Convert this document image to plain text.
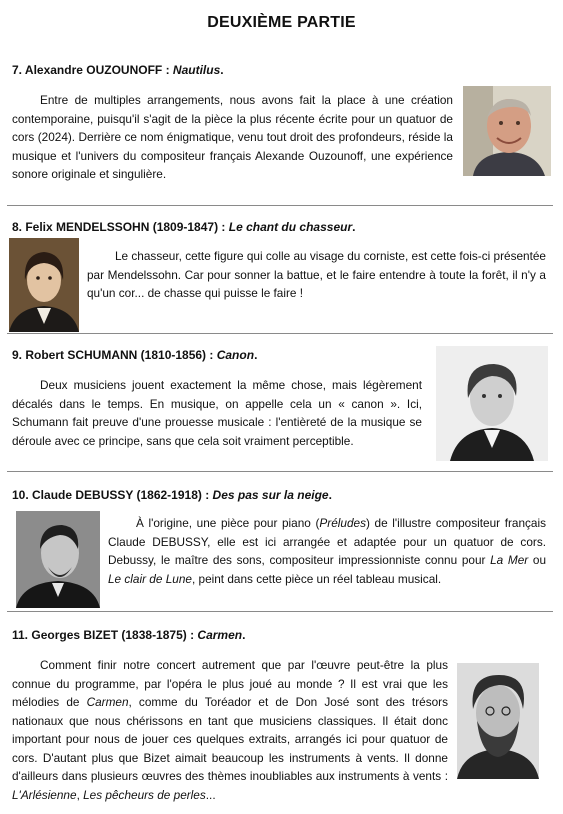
DEUXIÈME PARTIE
7. Alexandre OUZOUNOFF : Nautilus.

Entre de multiples arrangements, nous avons fait la place à une création contemporaine, puisqu'il s'agit de la pièce la plus récente écrite pour un quatuor de cors (2024). Derrière ce nom énigmatique, venu tout droit des profondeurs, réside la musique et l'univers du compositeur français Alexande Ouzounoff, une expérience sonore originale et singulière.

8. Felix MENDELSSOHN (1809-1847) : Le chant du chasseur.

Le chasseur, cette figure qui colle au visage du corniste, est cette fois-ci présentée par Mendelssohn. Car pour sonner la battue, et le faire entendre à toute la forêt, il n'y a qu'un cor... de chasse qui puisse le faire !

9. Robert SCHUMANN (1810-1856) : Canon.

Deux musiciens jouent exactement la même chose, mais légèrement décalés dans le temps. En musique, on appelle cela un « canon ». Ici, Schumann fait preuve d'une prouesse musicale : l'entièreté de la musique se déroule avec ce principe, sans que cela soit vraiment perceptible.

10. Claude DEBUSSY (1862-1918) : Des pas sur la neige.

À l'origine, une pièce pour piano (Préludes) de l'illustre compositeur français Claude DEBUSSY, elle est ici arrangée et adaptée pour un quatuor de cors. Debussy, le maître des sons, compositeur impressionniste connu pour La Mer ou Le clair de Lune, peint dans cette pièce un réel tableau musical.

11. Georges BIZET (1838-1875) : Carmen.

Comment finir notre concert autrement que par l'œuvre peut-être la plus connue du programme, par l'opéra le plus joué au monde ? Il est vrai que les mélodies de Carmen, comme du Toréador et de Don José sont des trésors nationaux que nous chérissons en tant que musiciens classiques. Il était donc important pour nous de jouer ces quelques extraits, arrangés ici pour quatuor de cors. D'autant plus que Bizet aimait beaucoup les instruments à vents. Il donne d'ailleurs dans plusieurs œuvres des thèmes inoubliables aux instruments à vents : L'Arlésienne, Les pêcheurs de perles...
